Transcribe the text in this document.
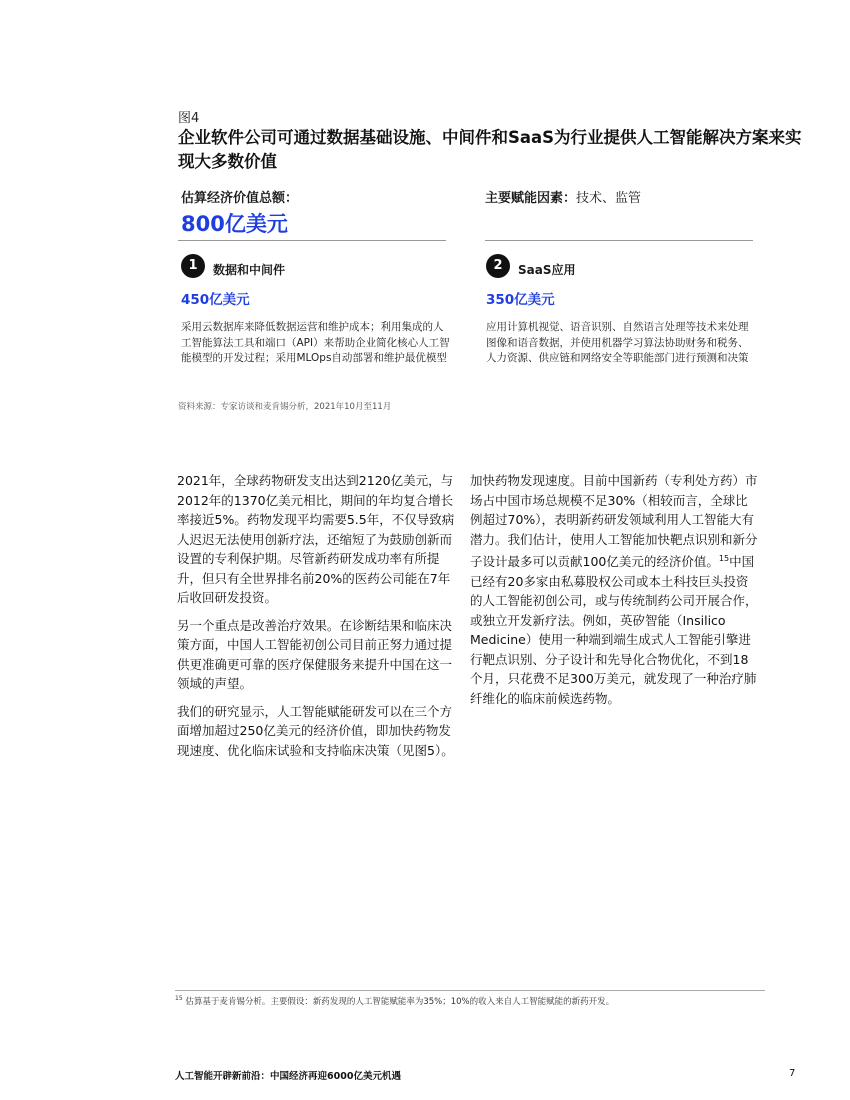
图4
企业软件公司可通过数据基础设施、中间件和SaaS为行业提供人工智能解决方案来实现大多数价值
估算经济价值总额：
800亿美元
主要赋能因素：技术、监管
1	数据和中间件
450亿美元
采用云数据库来降低数据运营和维护成本；利用集成的人工智能算法工具和端口（API）来帮助企业简化核心人工智能模型的开发过程；采用MLOps自动部署和维护最优模型
2	SaaS应用
350亿美元
应用计算机视觉、语音识别、自然语言处理等技术来处理图像和语音数据，并使用机器学习算法协助财务和税务、人力资源、供应链和网络安全等职能部门进行预测和决策
资料来源：专家访谈和麦肯锡分析，2021年10月至11月

2021年，全球药物研发支出达到2120亿美元，与2012年的1370亿美元相比，期间的年均复合增长率接近5%。药物发现平均需要5.5年，不仅导致病人迟迟无法使用创新疗法，还缩短了为鼓励创新而设置的专利保护期。尽管新药研发成功率有所提升，但只有全世界排名前20%的医药公司能在7年后收回研发投资。

另一个重点是改善治疗效果。在诊断结果和临床决策方面，中国人工智能初创公司目前正努力通过提供更准确更可靠的医疗保健服务来提升中国在这一领域的声望。

我们的研究显示，人工智能赋能研发可以在三个方面增加超过250亿美元的经济价值，即加快药物发现速度、优化临床试验和支持临床决策（见图5）。

加快药物发现速度。目前中国新药（专利处方药）市场占中国市场总规模不足30%（相较而言，全球比例超过70%），表明新药研发领域利用人工智能大有潜力。我们估计，使用人工智能加快靶点识别和新分子设计最多可以贡献100亿美元的经济价值。$^{15}$中国已经有20多家由私募股权公司或本土科技巨头投资的人工智能初创公司，或与传统制药公司开展合作，或独立开发新疗法。例如，英矽智能（Insilico Medicine）使用一种端到端生成式人工智能引擎进行靶点识别、分子设计和先导化合物优化，不到18个月，只花费不足300万美元，就发现了一种治疗肺纤维化的临床前候选药物。

$^{15}$ 估算基于麦肯锡分析。主要假设：新药发现的人工智能赋能率为35%；10%的收入来自人工智能赋能的新药开发。
人工智能开辟新前沿：中国经济再迎6000亿美元机遇	7
